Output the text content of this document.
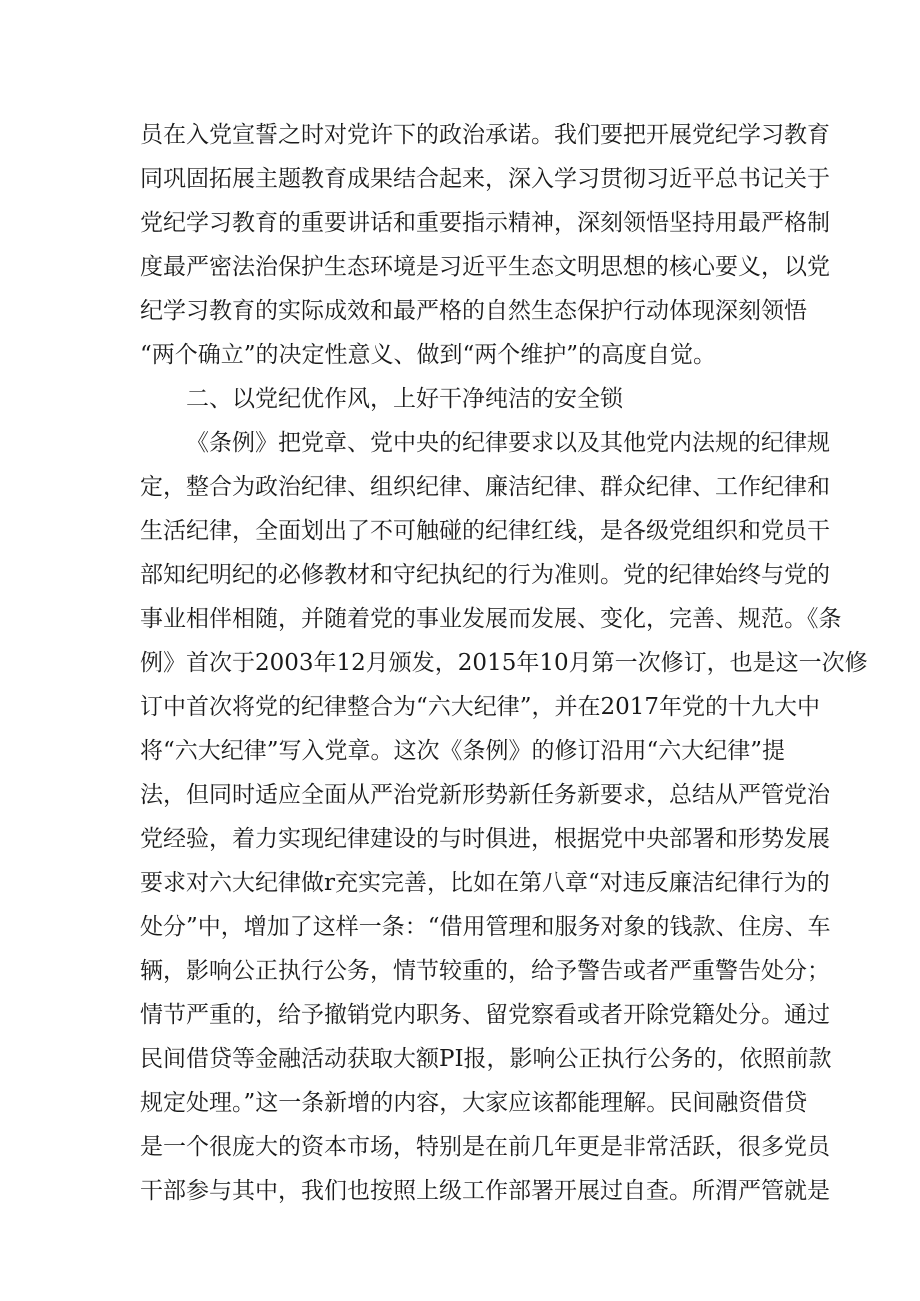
员在入党宣誓之时对党许下的政治承诺。我们要把开展党纪学习教育
同巩固拓展主题教育成果结合起来，深入学习贯彻习近平总书记关于
党纪学习教育的重要讲话和重要指示精神，深刻领悟坚持用最严格制
度最严密法治保护生态环境是习近平生态文明思想的核心要义，以党
纪学习教育的实际成效和最严格的自然生态保护行动体现深刻领悟
“两个确立”的决定性意义、做到“两个维护”的高度自觉。
二、以党纪优作风，上好干净纯洁的安全锁
《条例》把党章、党中央的纪律要求以及其他党内法规的纪律规
定，整合为政治纪律、组织纪律、廉洁纪律、群众纪律、工作纪律和
生活纪律，全面划出了不可触碰的纪律红线，是各级党组织和党员干
部知纪明纪的必修教材和守纪执纪的行为准则。党的纪律始终与党的
事业相伴相随，并随着党的事业发展而发展、变化，完善、规范。《条
例》首次于2003年12月颁发，2015年10月第一次修订，也是这一次修
订中首次将党的纪律整合为“六大纪律”，并在2017年党的十九大中
将“六大纪律”写入党章。这次《条例》的修订沿用“六大纪律”提
法，但同时适应全面从严治党新形势新任务新要求，总结从严管党治
党经验，着力实现纪律建设的与时俱进，根据党中央部署和形势发展
要求对六大纪律做r充实完善，比如在第八章“对违反廉洁纪律行为的
处分”中，增加了这样一条：“借用管理和服务对象的钱款、住房、车
辆，影响公正执行公务，情节较重的，给予警告或者严重警告处分；
情节严重的，给予撤销党内职务、留党察看或者开除党籍处分。通过
民间借贷等金融活动获取大额PI报，影响公正执行公务的，依照前款
规定处理。”这一条新增的内容，大家应该都能理解。民间融资借贷
是一个很庞大的资本市场，特别是在前几年更是非常活跃，很多党员
干部参与其中，我们也按照上级工作部署开展过自查。所渭严管就是
